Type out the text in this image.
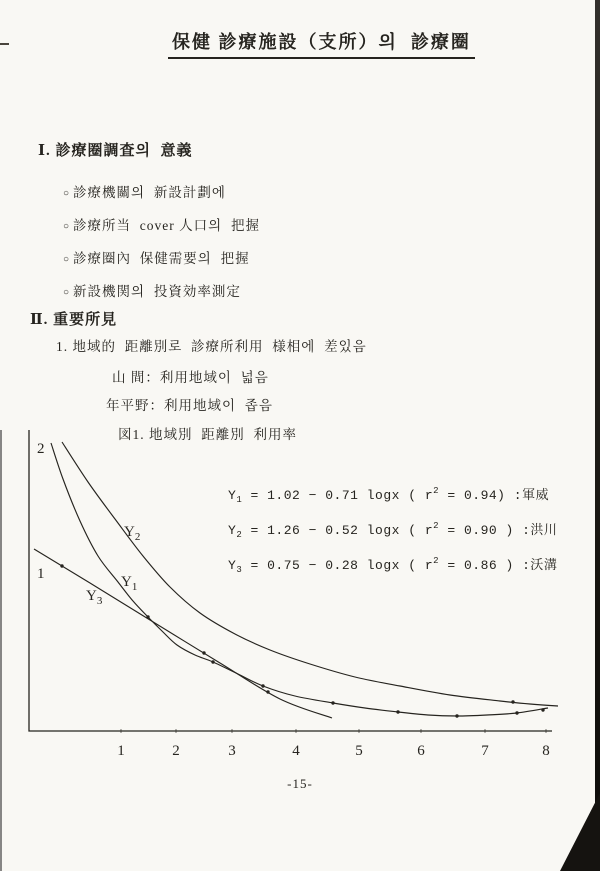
保健 診療施設（支所）의  診療圈
Ⅰ. 診療圈調査의  意義
○ 診療機關의  新設計劃에
○ 診療所当  cover 人口의  把握
○ 診療圈內  保健需要의  把握
○ 新設機関의  投資効率測定
Ⅱ. 重要所見
1. 地域的  距離別로  診療所利用  様相에  差있음
山 間：利用地域이  넓음
年平野：利用地域이  좁음
図1. 地域別  距離別  利用率
1	2	3	4	5	6	7	8
2
1
$Y_2$
$Y_1$
$Y_3$
$Y_1 = 1.02 - 0.71$ logx ( $r^2 = 0.94$) :軍威
$Y_2 = 1.26 - 0.52$ logx ( $r^2 = 0.90$ ) :洪川
$Y_3 = 0.75 - 0.28$ logx ( $r^2 = 0.86$ ) :沃溝
-15-
